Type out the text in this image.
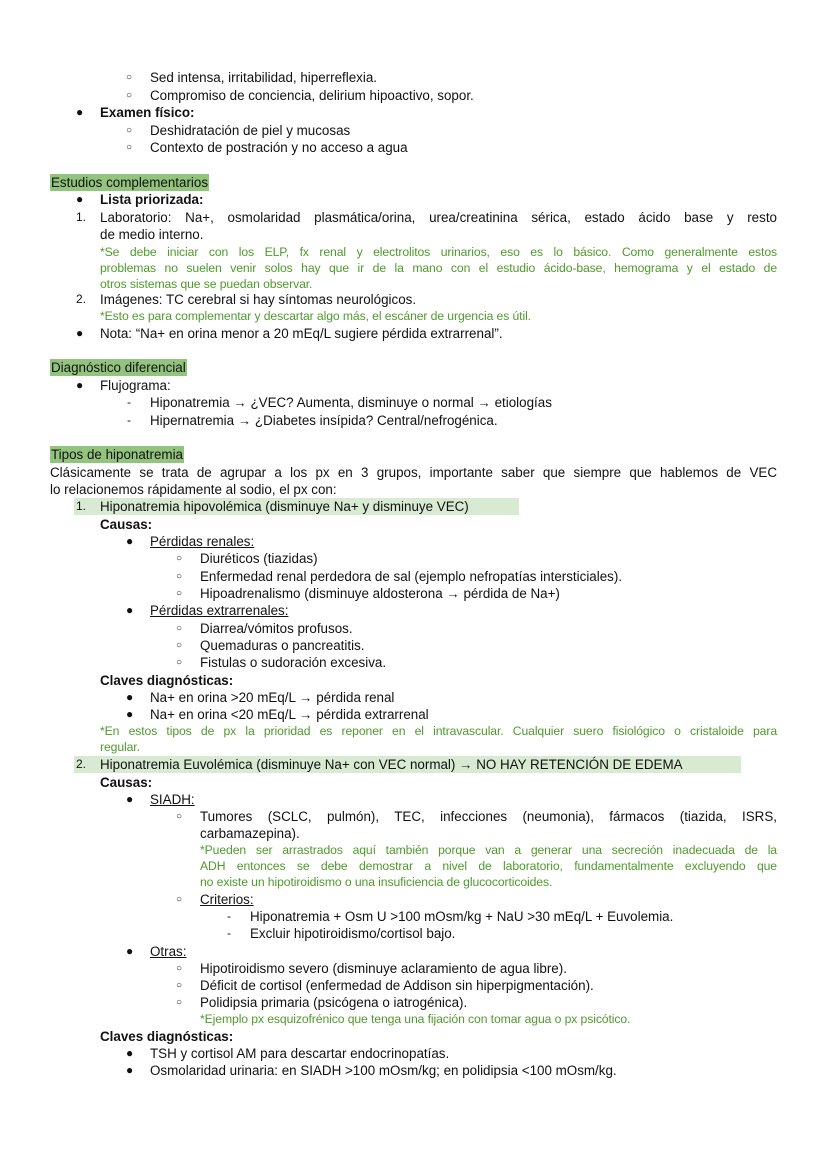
○ Sed intensa, irritabilidad, hiperreflexia.
○ Compromiso de conciencia, delirium hipoactivo, sopor.
● Examen físico:
○ Deshidratación de piel y mucosas
○ Contexto de postración y no acceso a agua
Estudios complementarios
● Lista priorizada:
1. Laboratorio: Na+, osmolaridad plasmática/orina, urea/creatinina sérica, estado ácido base y resto
de medio interno.
*Se debe iniciar con los ELP, fx renal y electrolitos urinarios, eso es lo básico. Como generalmente estos
problemas no suelen venir solos hay que ir de la mano con el estudio ácido-base, hemograma y el estado de
otros sistemas que se puedan observar.
2. Imágenes: TC cerebral si hay síntomas neurológicos.
*Esto es para complementar y descartar algo más, el escáner de urgencia es útil.
● Nota: “Na+ en orina menor a 20 mEq/L sugiere pérdida extrarrenal”.
Diagnóstico diferencial
● Flujograma:
- Hiponatremia → ¿VEC? Aumenta, disminuye o normal → etiologías
- Hipernatremia → ¿Diabetes insípida? Central/nefrogénica.
Tipos de hiponatremia
Clásicamente se trata de agrupar a los px en 3 grupos, importante saber que siempre que hablemos de VEC
lo relacionemos rápidamente al sodio, el px con:
1. Hiponatremia hipovolémica (disminuye Na+ y disminuye VEC)
Causas:
● Pérdidas renales:
○ Diuréticos (tiazidas)
○ Enfermedad renal perdedora de sal (ejemplo nefropatías intersticiales).
○ Hipoadrenalismo (disminuye aldosterona → pérdida de Na+)
● Pérdidas extrarrenales:
○ Diarrea/vómitos profusos.
○ Quemaduras o pancreatitis.
○ Fistulas o sudoración excesiva.
Claves diagnósticas:
● Na+ en orina >20 mEq/L → pérdida renal
● Na+ en orina <20 mEq/L → pérdida extrarrenal
*En estos tipos de px la prioridad es reponer en el intravascular. Cualquier suero fisiológico o cristaloide para
regular.
2. Hiponatremia Euvolémica (disminuye Na+ con VEC normal) → NO HAY RETENCIÓN DE EDEMA
Causas:
● SIADH:
○ Tumores (SCLC, pulmón), TEC, infecciones (neumonia), fármacos (tiazida, ISRS,
carbamazepina).
*Pueden ser arrastrados aquí también porque van a generar una secreción inadecuada de la
ADH entonces se debe demostrar a nivel de laboratorio, fundamentalmente excluyendo que
no existe un hipotiroidismo o una insuficiencia de glucocorticoides.
○ Criterios:
- Hiponatremia + Osm U >100 mOsm/kg + NaU >30 mEq/L + Euvolemia.
- Excluir hipotiroidismo/cortisol bajo.
● Otras:
○ Hipotiroidismo severo (disminuye aclaramiento de agua libre).
○ Déficit de cortisol (enfermedad de Addison sin hiperpigmentación).
○ Polidipsia primaria (psicógena o iatrogénica).
*Ejemplo px esquizofrénico que tenga una fijación con tomar agua o px psicótico.
Claves diagnósticas:
● TSH y cortisol AM para descartar endocrinopatías.
● Osmolaridad urinaria: en SIADH >100 mOsm/kg; en polidipsia <100 mOsm/kg.
